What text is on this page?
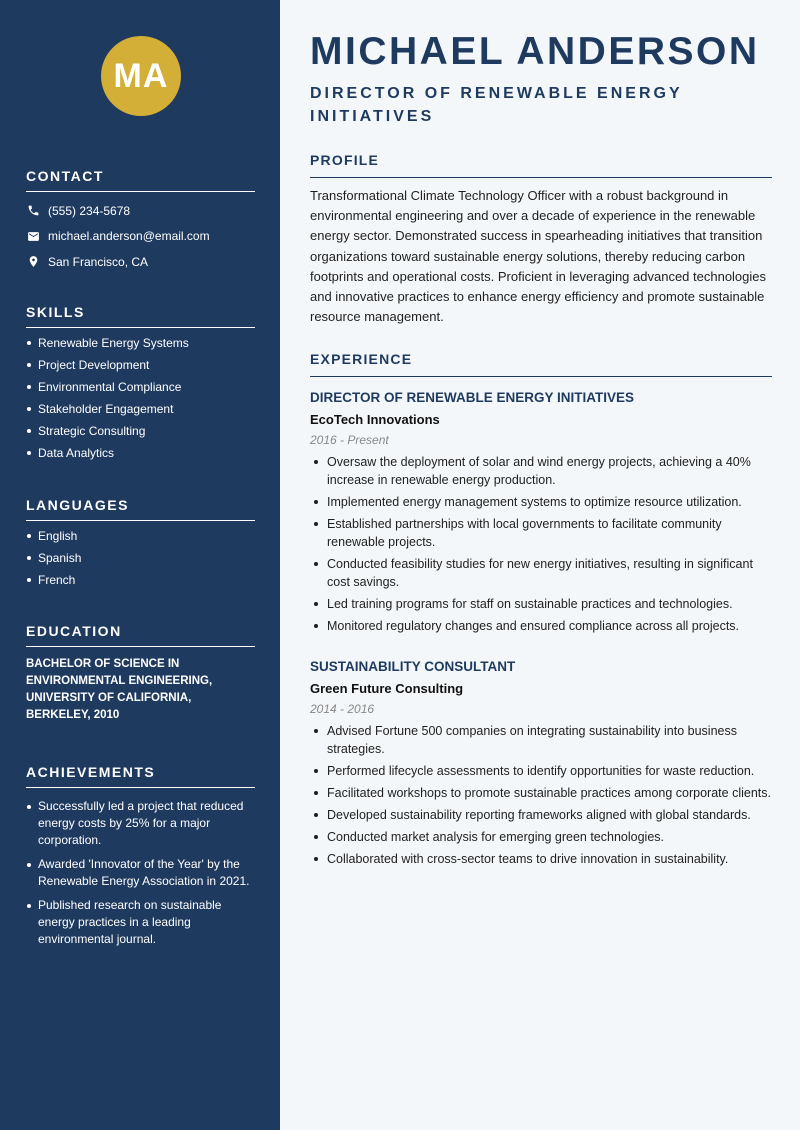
MA
CONTACT
(555) 234-5678
michael.anderson@email.com
San Francisco, CA
SKILLS
Renewable Energy Systems
Project Development
Environmental Compliance
Stakeholder Engagement
Strategic Consulting
Data Analytics
LANGUAGES
English
Spanish
French
EDUCATION

BACHELOR OF SCIENCE IN ENVIRONMENTAL ENGINEERING, UNIVERSITY OF CALIFORNIA, BERKELEY, 2010

ACHIEVEMENTS
Successfully led a project that reduced energy costs by 25% for a major corporation.
Awarded 'Innovator of the Year' by the Renewable Energy Association in 2021.
Published research on sustainable energy practices in a leading environmental journal.
MICHAEL ANDERSON
DIRECTOR OF RENEWABLE ENERGY INITIATIVES
PROFILE

Transformational Climate Technology Officer with a robust background in environmental engineering and over a decade of experience in the renewable energy sector. Demonstrated success in spearheading initiatives that transition organizations toward sustainable energy solutions, thereby reducing carbon footprints and operational costs. Proficient in leveraging advanced technologies and innovative practices to enhance energy efficiency and promote sustainable resource management.

EXPERIENCE
DIRECTOR OF RENEWABLE ENERGY INITIATIVES
EcoTech Innovations
2016 - Present
Oversaw the deployment of solar and wind energy projects, achieving a 40% increase in renewable energy production.
Implemented energy management systems to optimize resource utilization.
Established partnerships with local governments to facilitate community renewable projects.
Conducted feasibility studies for new energy initiatives, resulting in significant cost savings.
Led training programs for staff on sustainable practices and technologies.
Monitored regulatory changes and ensured compliance across all projects.
SUSTAINABILITY CONSULTANT
Green Future Consulting
2014 - 2016
Advised Fortune 500 companies on integrating sustainability into business strategies.
Performed lifecycle assessments to identify opportunities for waste reduction.
Facilitated workshops to promote sustainable practices among corporate clients.
Developed sustainability reporting frameworks aligned with global standards.
Conducted market analysis for emerging green technologies.
Collaborated with cross-sector teams to drive innovation in sustainability.
